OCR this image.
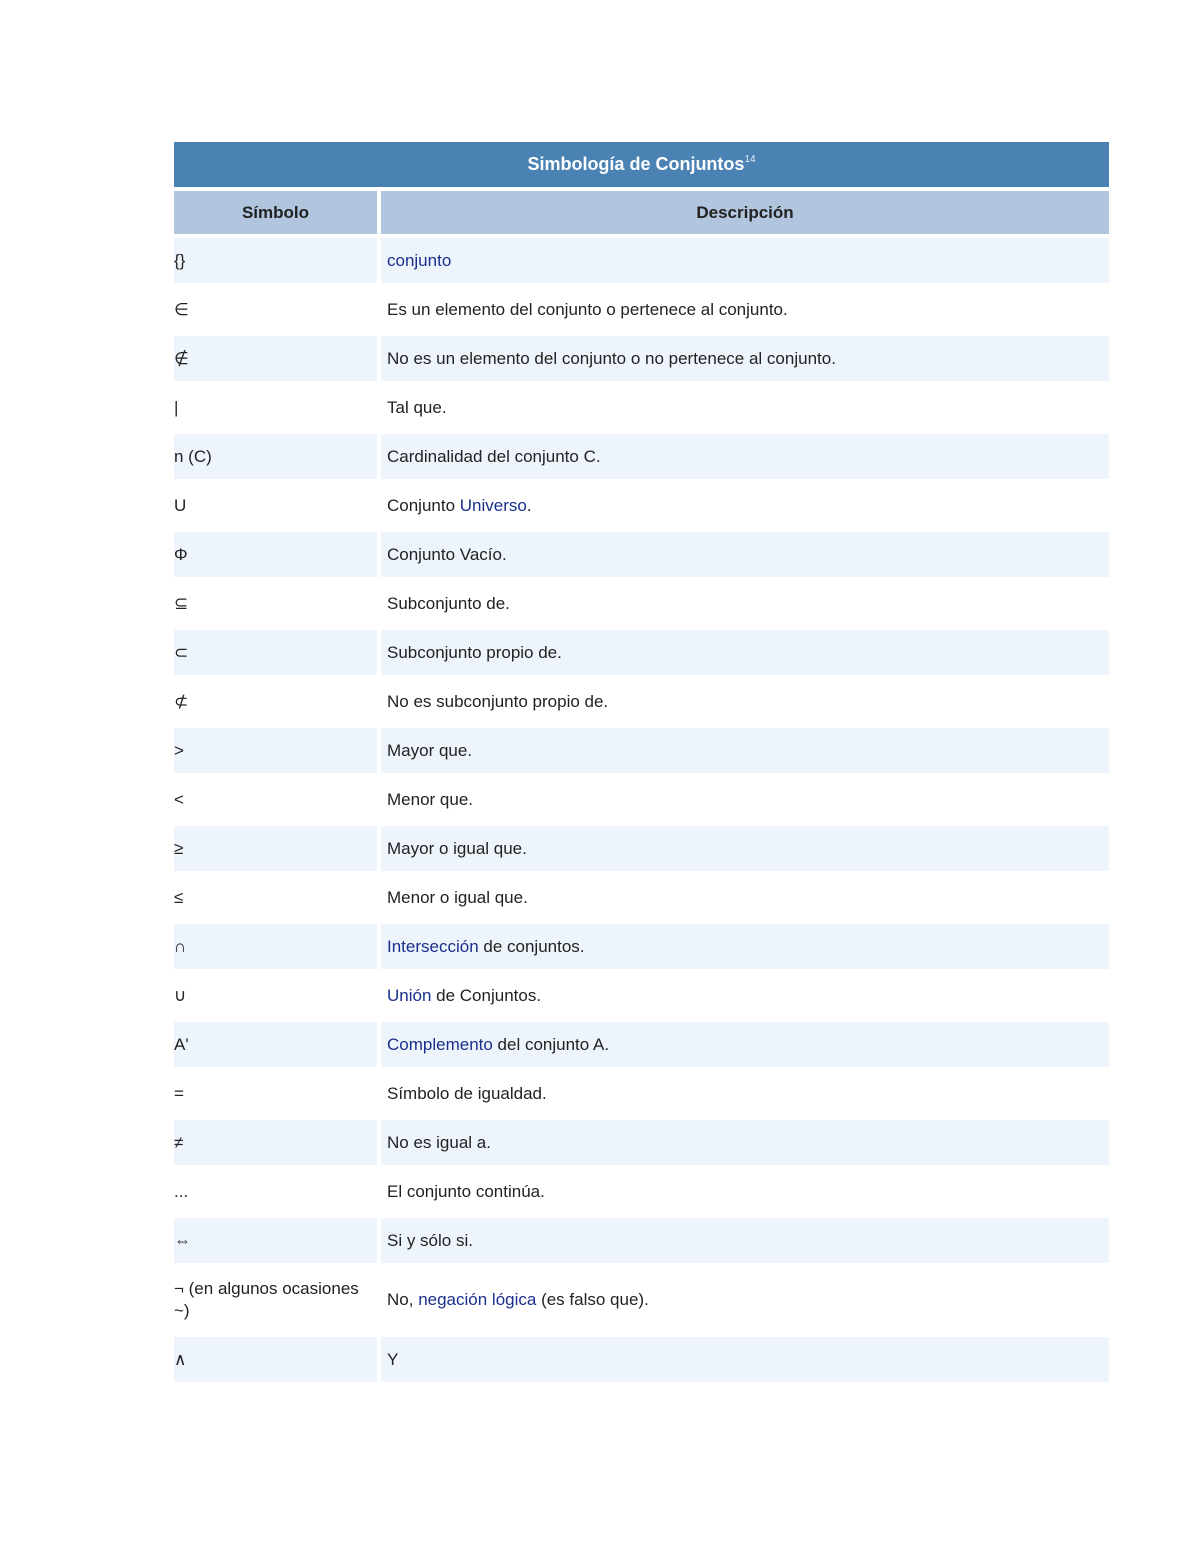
Simbología de Conjuntos$^{14}$
Símbolo	Descripción
{}	conjunto
∈	Es un elemento del conjunto o pertenece al conjunto.
∉	No es un elemento del conjunto o no pertenece al conjunto.
|	Tal que.
n (C)	Cardinalidad del conjunto C.
U	Conjunto Universo.
Φ	Conjunto Vacío.
⊆	Subconjunto de.
⊂	Subconjunto propio de.
⊄	No es subconjunto propio de.
>	Mayor que.
<	Menor que.
≥	Mayor o igual que.
≤	Menor o igual que.
∩	Intersección de conjuntos.
∪	Unión de Conjuntos.
A'	Complemento del conjunto A.
=	Símbolo de igualdad.
≠	No es igual a.
...	El conjunto continúa.
⇔	Si y sólo si.
¬ (en algunos ocasiones ~)	No, negación lógica (es falso que).
∧	Y
